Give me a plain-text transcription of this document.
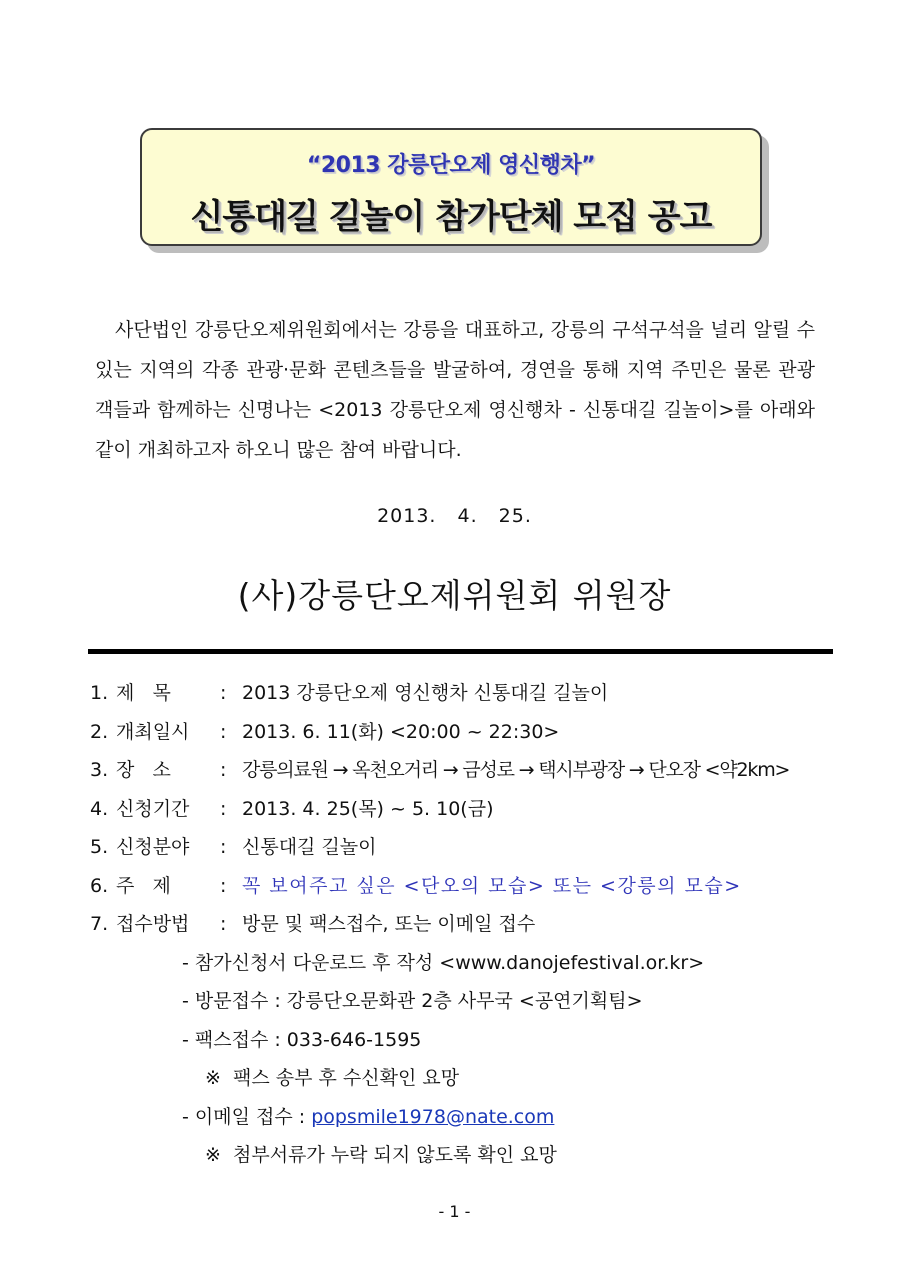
“2013 강릉단오제 영신행차”
신통대길 길놀이 참가단체 모집 공고

사단법인 강릉단오제위원회에서는 강릉을 대표하고, 강릉의 구석구석을 널리 알릴 수 있는 지역의 각종 관광·문화 콘텐츠들을 발굴하여, 경연을 통해 지역 주민은 물론 관광객들과 함께하는 신명나는 <2013 강릉단오제 영신행차 - 신통대길 길놀이>를 아래와 같이 개최하고자 하오니 많은 참여 바랍니다.

2013. 4. 25.
(사)강릉단오제위원회 위원장
1. 제   목	: 2013 강릉단오제 영신행차 신통대길 길놀이
2. 개최일시 : 2013. 6. 11(화) <20:00 ~ 22:30>
3. 장   소	: 강릉의료원 → 옥천오거리 → 금성로 → 택시부광장 → 단오장 <약2km>
4. 신청기간 : 2013. 4. 25(목) ~ 5. 10(금)
5. 신청분야 : 신통대길 길놀이
6. 주   제	: 꼭 보여주고 싶은 <단오의 모습> 또는 <강릉의 모습>
7. 접수방법 : 방문 및 팩스접수, 또는 이메일 접수
- 참가신청서 다운로드 후 작성 <www.danojefestival.or.kr>
- 방문접수 : 강릉단오문화관 2층 사무국 <공연기획팀>
- 팩스접수 : 033-646-1595
※  팩스 송부 후 수신확인 요망
- 이메일 접수 : popsmile1978@nate.com
※  첨부서류가 누락 되지 않도록 확인 요망
- 1 -
